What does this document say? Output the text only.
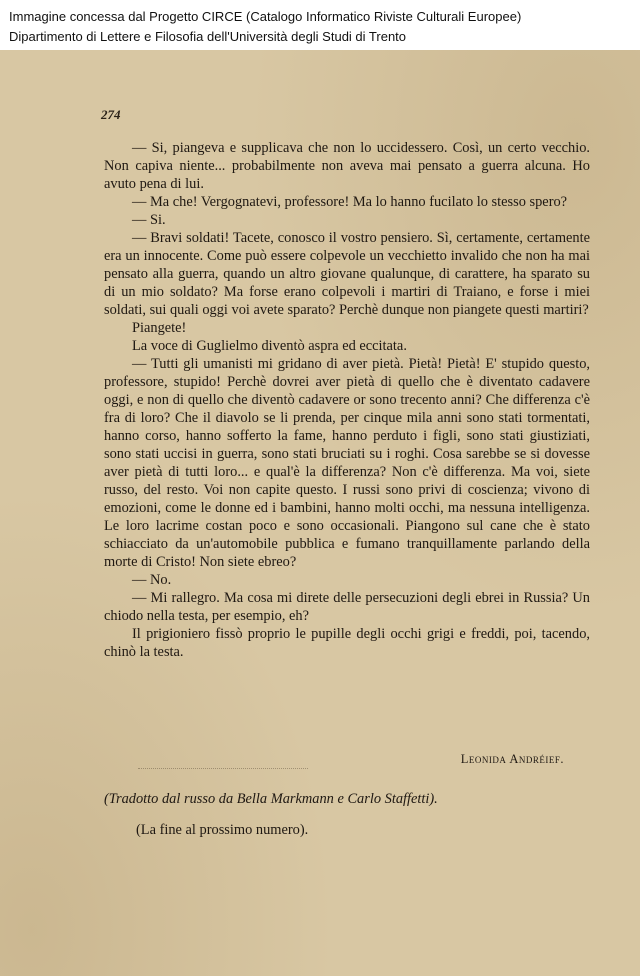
Immagine concessa dal Progetto CIRCE (Catalogo Informatico Riviste Culturali Europee)
Dipartimento di Lettere e Filosofia dell'Università degli Studi di Trento
274

— Si, piangeva e supplicava che non lo uccidessero. Così, un certo vecchio. Non capiva niente... probabilmente non aveva mai pensato a guerra alcuna. Ho avuto pena di lui.

— Ma che! Vergognatevi, professore! Ma lo hanno fucilato lo stesso spero?

— Si.

— Bravi soldati! Tacete, conosco il vostro pensiero. Sì, certamente, certamente era un innocente. Come può essere colpevole un vecchietto invalido che non ha mai pensato alla guerra, quando un altro giovane qualunque, di carattere, ha sparato su di un mio soldato? Ma forse erano colpevoli i martiri di Traiano, e forse i miei soldati, sui quali oggi voi avete sparato? Perchè dunque non piangete questi martiri?

Piangete!

La voce di Guglielmo diventò aspra ed eccitata.

— Tutti gli umanisti mi gridano di aver pietà. Pietà! Pietà! E' stupido questo, professore, stupido! Perchè dovrei aver pietà di quello che è diventato cadavere oggi, e non di quello che diventò cadavere or sono trecento anni? Che differenza c'è fra di loro? Che il diavolo se li prenda, per cinque mila anni sono stati tormentati, hanno corso, hanno sofferto la fame, hanno perduto i figli, sono stati giustiziati, sono stati uccisi in guerra, sono stati bruciati su i roghi. Cosa sarebbe se si dovesse aver pietà di tutti loro... e qual'è la differenza? Non c'è differenza. Ma voi, siete russo, del resto. Voi non capite questo. I russi sono privi di coscienza; vivono di emozioni, come le donne ed i bambini, hanno molti occhi, ma nessuna intelligenza. Le loro lacrime costan poco e sono occasionali. Piangono sul cane che è stato schiacciato da un'automobile pubblica e fumano tranquillamente parlando della morte di Cristo! Non siete ebreo?

— No.

— Mi rallegro. Ma cosa mi direte delle persecuzioni degli ebrei in Russia? Un chiodo nella testa, per esempio, eh?

Il prigioniero fissò proprio le pupille degli occhi grigi e freddi, poi, tacendo, chinò la testa.

Leonida Andréief.
(Tradotto dal russo da Bella Markmann e Carlo Staffetti).
(La fine al prossimo numero).
